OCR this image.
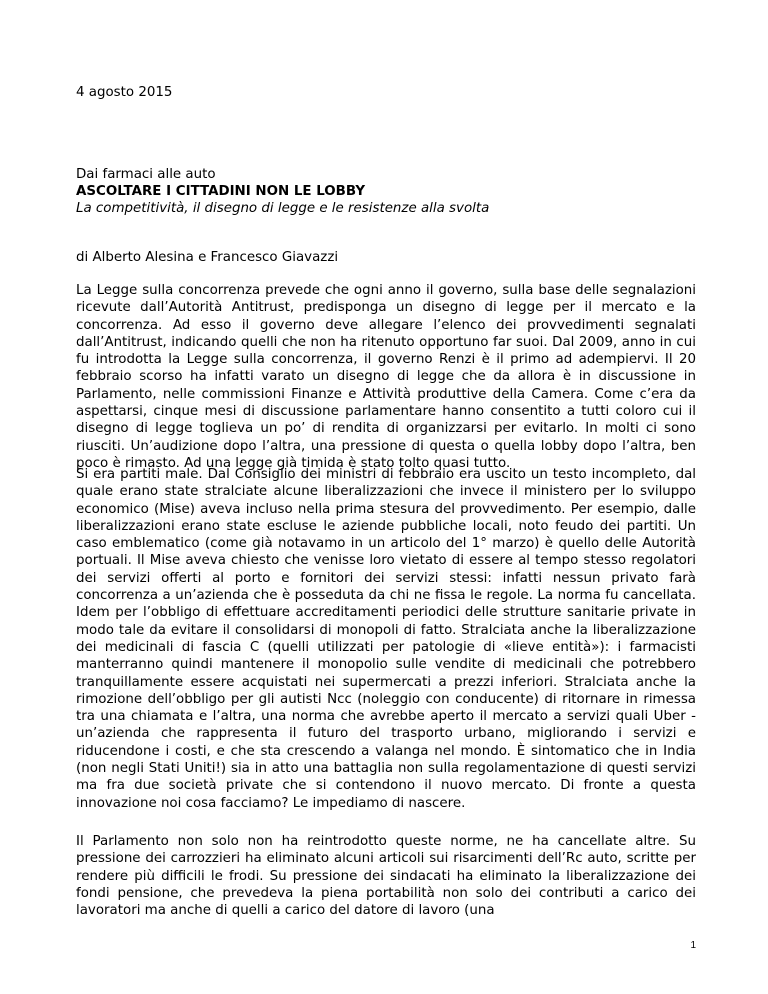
4 agosto 2015
Dai farmaci alle auto
ASCOLTARE I CITTADINI NON LE LOBBY
La competitività, il disegno di legge e le resistenze alla svolta
di Alberto Alesina e Francesco Giavazzi

La Legge sulla concorrenza prevede che ogni anno il governo, sulla base delle segnalazioni ricevute dall’Autorità Antitrust, predisponga un disegno di legge per il mercato e la concorrenza. Ad esso il governo deve allegare l’elenco dei provvedimenti segnalati dall’Antitrust, indicando quelli che non ha ritenuto opportuno far suoi. Dal 2009, anno in cui fu introdotta la Legge sulla concorrenza, il governo Renzi è il primo ad adempiervi. Il 20 febbraio scorso ha infatti varato un disegno di legge che da allora è in discussione in Parlamento, nelle commissioni Finanze e Attività produttive della Camera. Come c’era da aspettarsi, cinque mesi di discussione parlamentare hanno consentito a tutti coloro cui il disegno di legge toglieva un po’ di rendita di organizzarsi per evitarlo. In molti ci sono riusciti. Un’audizione dopo l’altra, una pressione di questa o quella lobby dopo l’altra, ben poco è rimasto. Ad una legge già timida è stato tolto quasi tutto.

Si era partiti male. Dal Consiglio dei ministri di febbraio era uscito un testo incompleto, dal quale erano state stralciate alcune liberalizzazioni che invece il ministero per lo sviluppo economico (Mise) aveva incluso nella prima stesura del provvedimento. Per esempio, dalle liberalizzazioni erano state escluse le aziende pubbliche locali, noto feudo dei partiti. Un caso emblematico (come già notavamo in un articolo del 1° marzo) è quello delle Autorità portuali. Il Mise aveva chiesto che venisse loro vietato di essere al tempo stesso regolatori dei servizi offerti al porto e fornitori dei servizi stessi: infatti nessun privato farà concorrenza a un’azienda che è posseduta da chi ne fissa le regole. La norma fu cancellata. Idem per l’obbligo di effettuare accreditamenti periodici delle strutture sanitarie private in modo tale da evitare il consolidarsi di monopoli di fatto. Stralciata anche la liberalizzazione dei medicinali di fascia C (quelli utilizzati per patologie di «lieve entità»): i farmacisti manterranno quindi mantenere il monopolio sulle vendite di medicinali che potrebbero tranquillamente essere acquistati nei supermercati a prezzi inferiori. Stralciata anche la rimozione dell’obbligo per gli autisti Ncc (noleggio con conducente) di ritornare in rimessa tra una chiamata e l’altra, una norma che avrebbe aperto il mercato a servizi quali Uber - un’azienda che rappresenta il futuro del trasporto urbano, migliorando i servizi e riducendone i costi, e che sta crescendo a valanga nel mondo. È sintomatico che in India (non negli Stati Uniti!) sia in atto una battaglia non sulla regolamentazione di questi servizi ma fra due società private che si contendono il nuovo mercato. Di fronte a questa innovazione noi cosa facciamo? Le impediamo di nascere.

Il Parlamento non solo non ha reintrodotto queste norme, ne ha cancellate altre. Su pressione dei carrozzieri ha eliminato alcuni articoli sui risarcimenti dell’Rc auto, scritte per rendere più difficili le frodi. Su pressione dei sindacati ha eliminato la liberalizzazione dei fondi pensione, che prevedeva la piena portabilità non solo dei contributi a carico dei lavoratori ma anche di quelli a carico del datore di lavoro (una

1
